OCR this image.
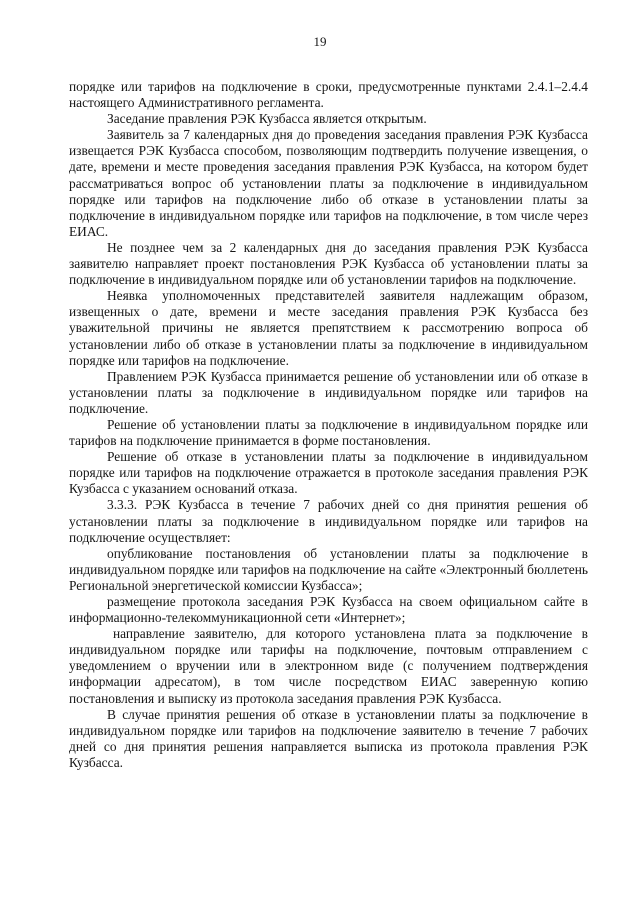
19

порядке или тарифов на подключение в сроки, предусмотренные пунктами 2.4.1–2.4.4 настоящего Административного регламента.

Заседание правления РЭК Кузбасса является открытым.

Заявитель за 7 календарных дня до проведения заседания правления РЭК Кузбасса извещается РЭК Кузбасса способом, позволяющим подтвердить получение извещения, о дате, времени и месте проведения заседания правления РЭК Кузбасса, на котором будет рассматриваться вопрос об установлении платы за подключение в индивидуальном порядке или тарифов на подключение либо об отказе в установлении платы за подключение в индивидуальном порядке или тарифов на подключение, в том числе через ЕИАС.

Не позднее чем за 2 календарных дня до заседания правления РЭК Кузбасса заявителю направляет проект постановления РЭК Кузбасса об установлении платы за подключение в индивидуальном порядке или об установлении тарифов на подключение.

Неявка уполномоченных представителей заявителя надлежащим образом, извещенных о дате, времени и месте заседания правления РЭК Кузбасса без уважительной причины не является препятствием к рассмотрению вопроса об установлении либо об отказе в установлении платы за подключение в индивидуальном порядке или тарифов на подключение.

Правлением РЭК Кузбасса принимается решение об установлении или об отказе в установлении платы за подключение в индивидуальном порядке или тарифов на подключение.

Решение об установлении платы за подключение в индивидуальном порядке или тарифов на подключение принимается в форме постановления.

Решение об отказе в установлении платы за подключение в индивидуальном порядке или тарифов на подключение отражается в протоколе заседания правления РЭК Кузбасса с указанием оснований отказа.

3.3.3. РЭК Кузбасса в течение 7 рабочих дней со дня принятия решения об установлении платы за подключение в индивидуальном порядке или тарифов на подключение осуществляет:

опубликование постановления об установлении платы за подключение в индивидуальном порядке или тарифов на подключение на сайте «Электронный бюллетень Региональной энергетической комиссии Кузбасса»;

размещение протокола заседания РЭК Кузбасса на своем официальном сайте в информационно-телекоммуникационной сети «Интернет»;

направление заявителю, для которого установлена плата за подключение в индивидуальном порядке или тарифы на подключение, почтовым отправлением с уведомлением о вручении или в электронном виде (с получением подтверждения информации адресатом), в том числе посредством ЕИАС заверенную копию постановления и выписку из протокола заседания правления РЭК Кузбасса.

В случае принятия решения об отказе в установлении платы за подключение в индивидуальном порядке или тарифов на подключение заявителю в течение 7 рабочих дней со дня принятия решения направляется выписка из протокола правления РЭК Кузбасса.
